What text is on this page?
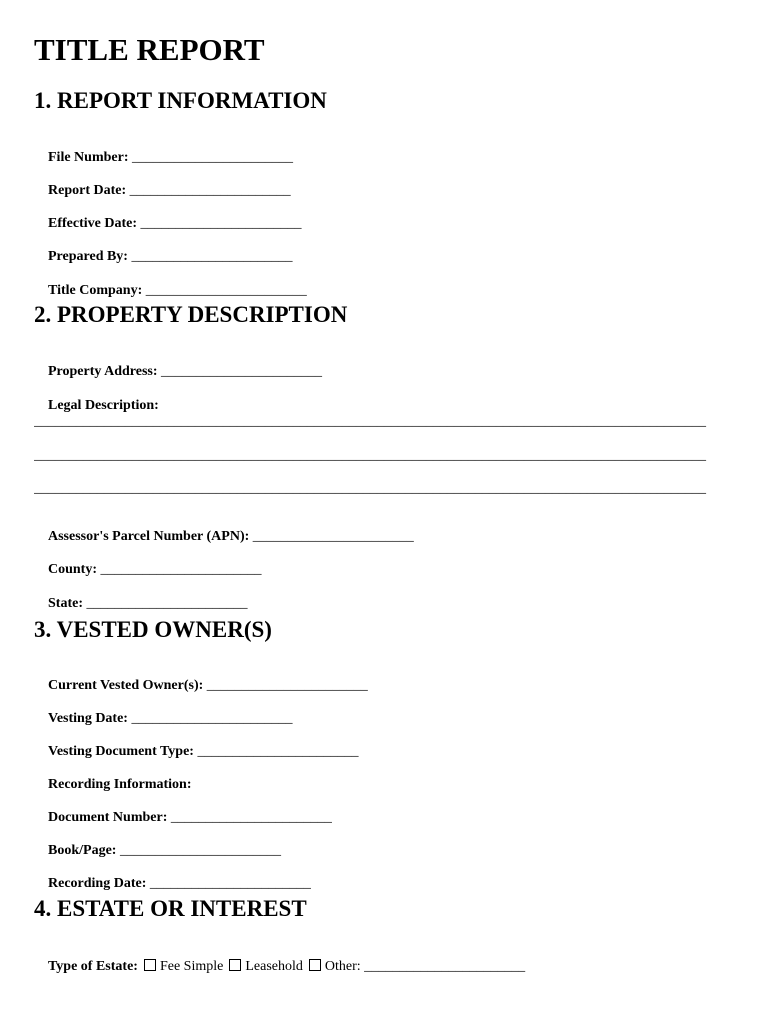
TITLE REPORT
1. REPORT INFORMATION

File Number: _______________________

Report Date: _______________________

Effective Date: _______________________

Prepared By: _______________________

Title Company: _______________________

2. PROPERTY DESCRIPTION

Property Address: _______________________

Legal Description:

________________________________________________________________________________________________
________________________________________________________________________________________________
________________________________________________________________________________________________

Assessor's Parcel Number (APN): _______________________

County: _______________________

State: _______________________

3. VESTED OWNER(S)

Current Vested Owner(s): _______________________

Vesting Date: _______________________

Vesting Document Type: _______________________

Recording Information:

Document Number: _______________________

Book/Page: _______________________

Recording Date: _______________________

4. ESTATE OR INTEREST

Type of Estate: Fee Simple Leasehold Other: _______________________
